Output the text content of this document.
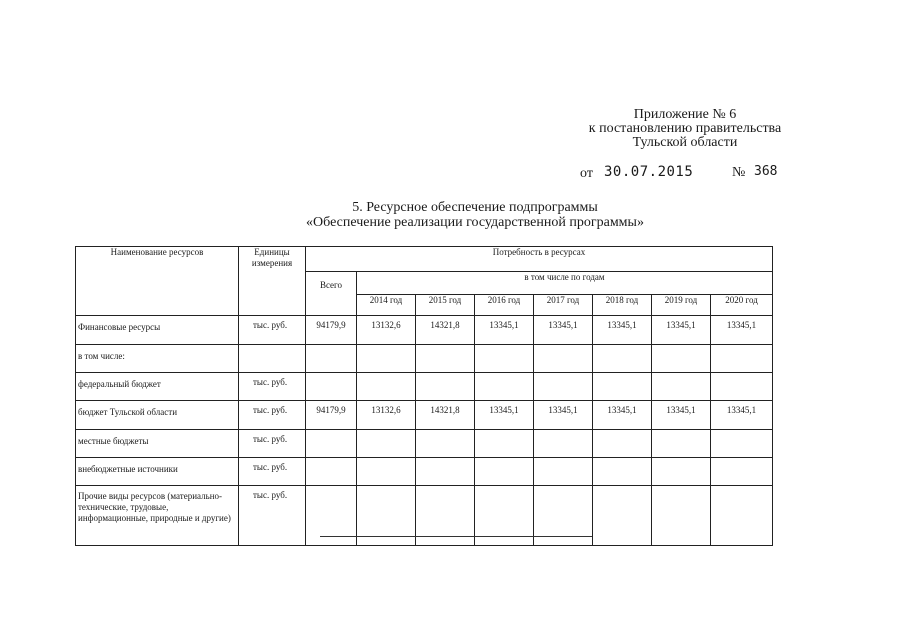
Приложение № 6
к постановлению правительства
Тульской области
от 30.07.2015	№ 368
5. Ресурсное обеспечение подпрограммы
«Обеспечение реализации государственной программы»
Наименование ресурсов	Единицы измерения	Потребность в ресурсах							
		Всего	в том числе по годам						
			2014 год	2015 год	2016 год	2017 год	2018 год	2019 год	2020 год
Финансовые ресурсы	тыс. руб.	94179,9	13132,6	14321,8	13345,1	13345,1	13345,1	13345,1	13345,1
в том числе:									
федеральный бюджет	тыс. руб.								
бюджет Тульской области	тыс. руб.	94179,9	13132,6	14321,8	13345,1	13345,1	13345,1	13345,1	13345,1
местные бюджеты	тыс. руб.								
внебюджетные источники	тыс. руб.								
Прочие виды ресурсов (материально-технические, трудовые, информационные, природные и другие)	тыс. руб.								
